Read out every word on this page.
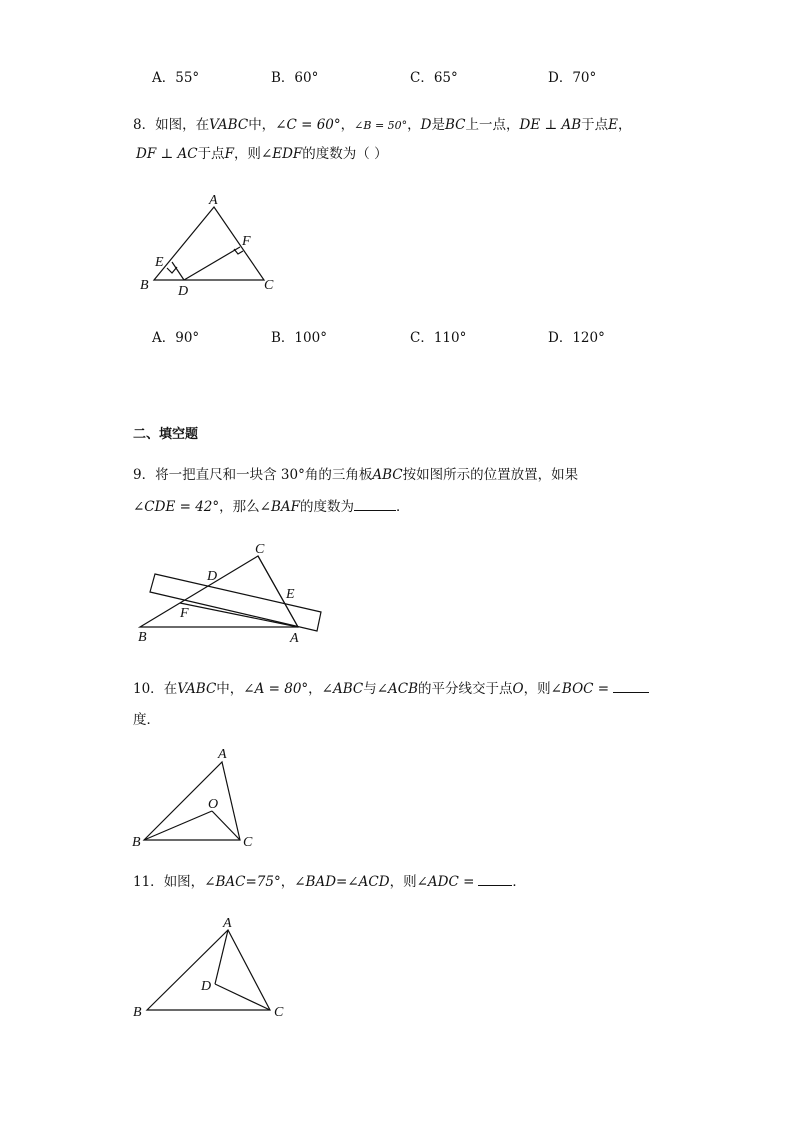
A．55°	B．60°	C．65°	D．70°
8．如图，在VABC中，∠C = 60°，∠B = 50°，D是BC上一点，DE ⊥ AB于点E，
DF ⊥ AC于点F，则∠EDF的度数为（ ）
A
B	C
D
E
F
C
D
E
F
B	A
A
O
B	C
A
D
B	C
A．90°	B．100°	C．110°	D．120°
二、填空题
9．将一把直尺和一块含 30°角的三角板ABC按如图所示的位置放置，如果
∠CDE = 42°，那么∠BAF的度数为	．
10．在VABC中，∠A = 80°，∠ABC与∠ACB的平分线交于点O，则∠BOC =
度．
11．如图，∠BAC=75°，∠BAD=∠ACD，则∠ADC =	．
